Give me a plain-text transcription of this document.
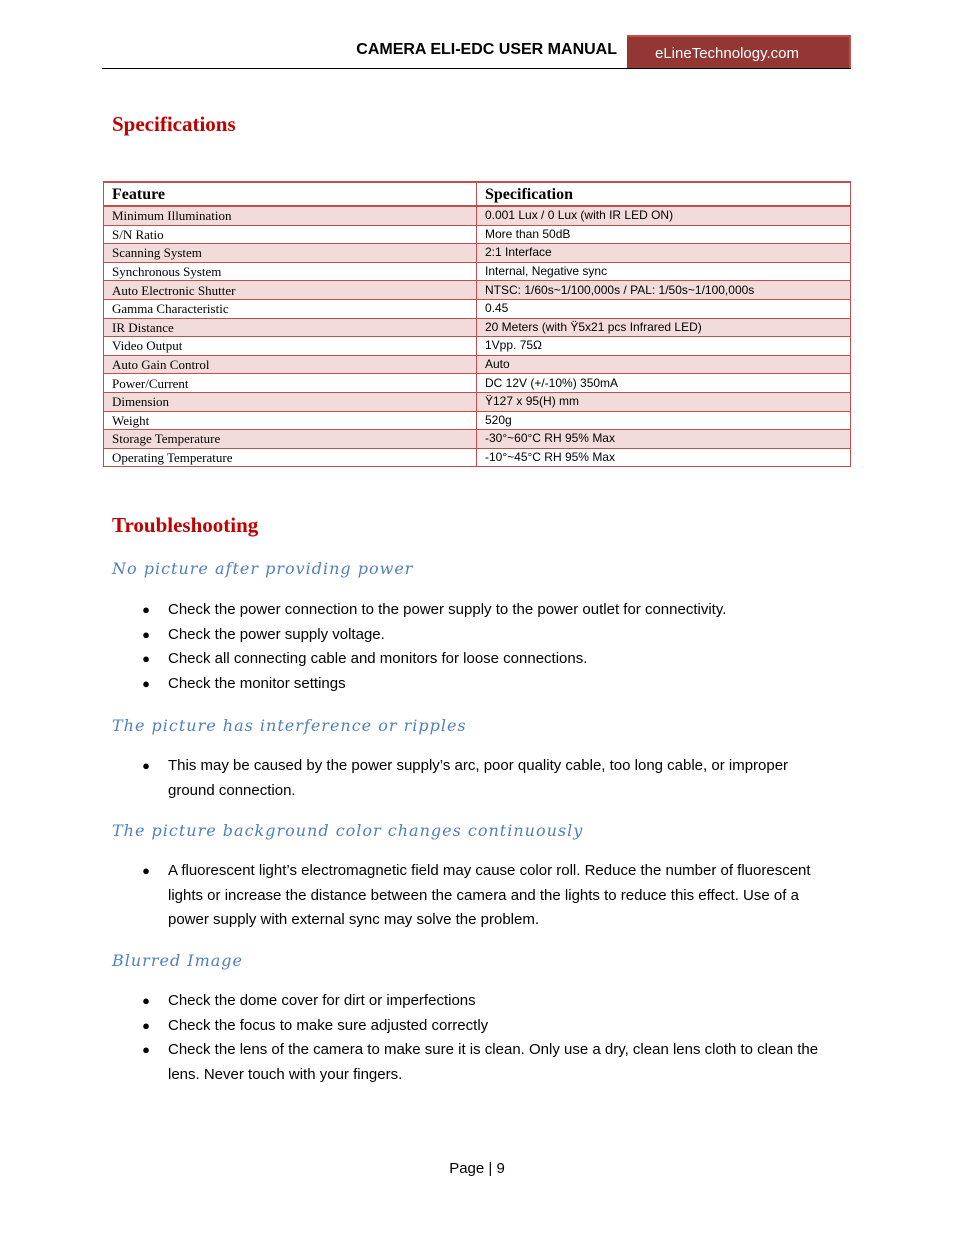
CAMERA ELI-EDC USER MANUAL	eLineTechnology.com
Specifications
Feature	Specification
Minimum Illumination	0.001 Lux / 0 Lux (with IR LED ON)
S/N Ratio	More than 50dB
Scanning System	2:1 Interface
Synchronous System	Internal, Negative sync
Auto Electronic Shutter	NTSC: 1/60s~1/100,000s / PAL: 1/50s~1/100,000s
Gamma Characteristic	0.45
IR Distance	20 Meters (with Ÿ5x21 pcs Infrared LED)
Video Output	1Vpp. 75Ω
Auto Gain Control	Auto
Power/Current	DC 12V (+/-10%) 350mA
Dimension	Ÿ127 x 95(H) mm
Weight	520g
Storage Temperature	-30°~60°C RH 95% Max
Operating Temperature	-10°~45°C RH 95% Max
Troubleshooting
No picture after providing power
● Check the power connection to the power supply to the power outlet for connectivity.
● Check the power supply voltage.
● Check all connecting cable and monitors for loose connections.
● Check the monitor settings
The picture has interference or ripples
● This may be caused by the power supply’s arc, poor quality cable, too long cable, or improper ground connection.
The picture background color changes continuously
● A fluorescent light’s electromagnetic field may cause color roll. Reduce the number of fluorescent lights or increase the distance between the camera and the lights to reduce this effect. Use of a power supply with external sync may solve the problem.
Blurred Image
● Check the dome cover for dirt or imperfections
● Check the focus to make sure adjusted correctly
● Check the lens of the camera to make sure it is clean. Only use a dry, clean lens cloth to clean the lens. Never touch with your fingers.
Page | 9
